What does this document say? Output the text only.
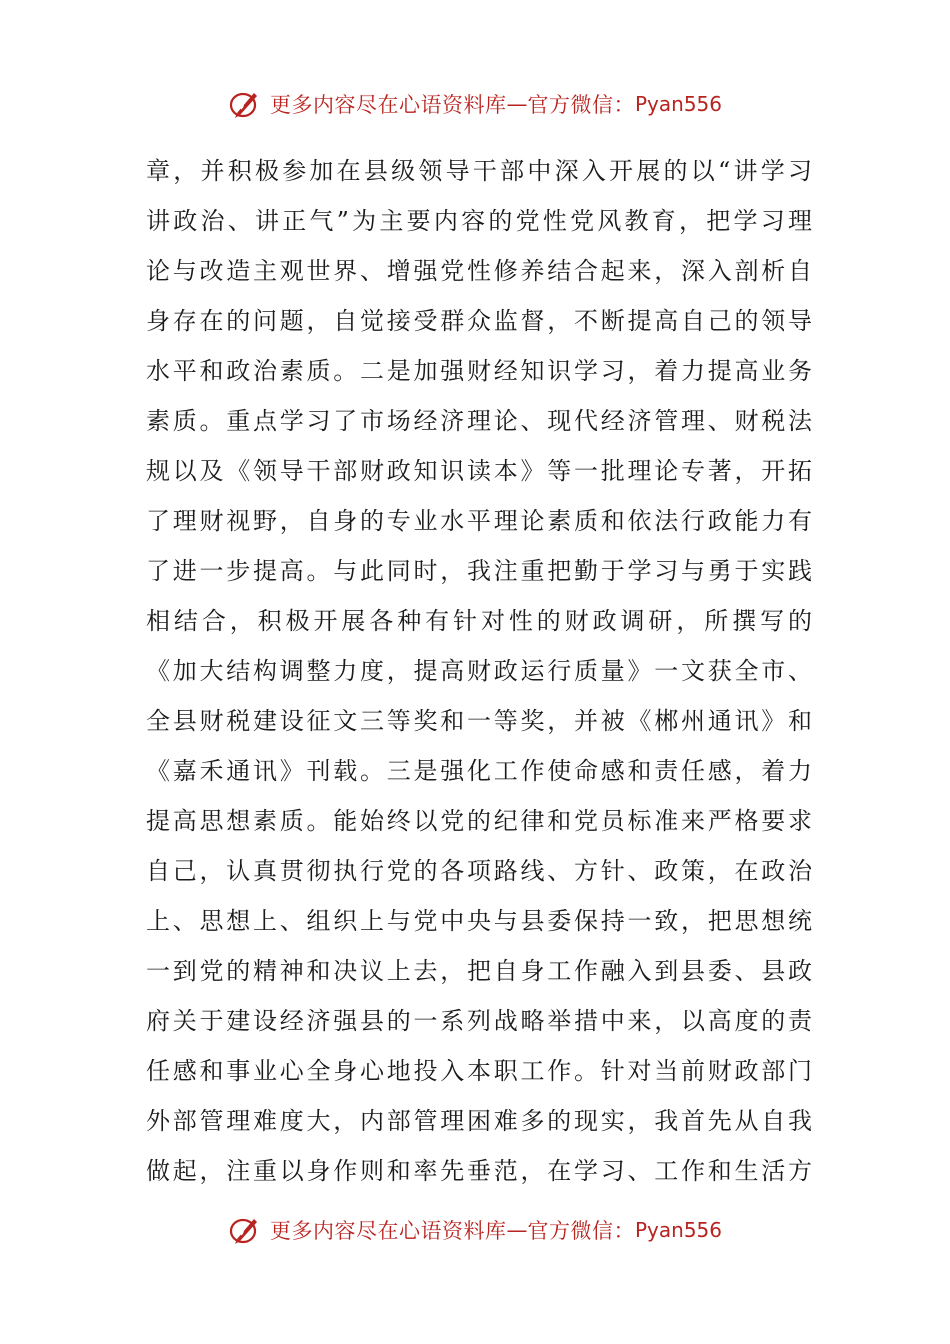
更多内容尽在心语资料库 — 官方微信： Pyan556
章，并积极参加在县级领导干部中深入开展的以“讲学习
讲政治、讲正气”为主要内容的党性党风教育，把学习理
论与改造主观世界、增强党性修养结合起来，深入剖析自
身存在的问题，自觉接受群众监督，不断提高自己的领导
水平和政治素质。二是加强财经知识学习，着力提高业务
素质。重点学习了市场经济理论、现代经济管理、财税法
规以及《领导干部财政知识读本》等一批理论专著，开拓
了理财视野，自身的专业水平理论素质和依法行政能力有
了进一步提高。与此同时，我注重把勤于学习与勇于实践
相结合，积极开展各种有针对性的财政调研，所撰写的
《加大结构调整力度，提高财政运行质量》一文获全市、
全县财税建设征文三等奖和一等奖，并被《郴州通讯》和
《嘉禾通讯》刊载。三是强化工作使命感和责任感，着力
提高思想素质。能始终以党的纪律和党员标准来严格要求
自己，认真贯彻执行党的各项路线、方针、政策，在政治
上、思想上、组织上与党中央与县委保持一致，把思想统
一到党的精神和决议上去，把自身工作融入到县委、县政
府关于建设经济强县的一系列战略举措中来，以高度的责
任感和事业心全身心地投入本职工作。针对当前财政部门
外部管理难度大，内部管理困难多的现实，我首先从自我
做起，注重以身作则和率先垂范，在学习、工作和生活方
更多内容尽在心语资料库 — 官方微信： Pyan556
